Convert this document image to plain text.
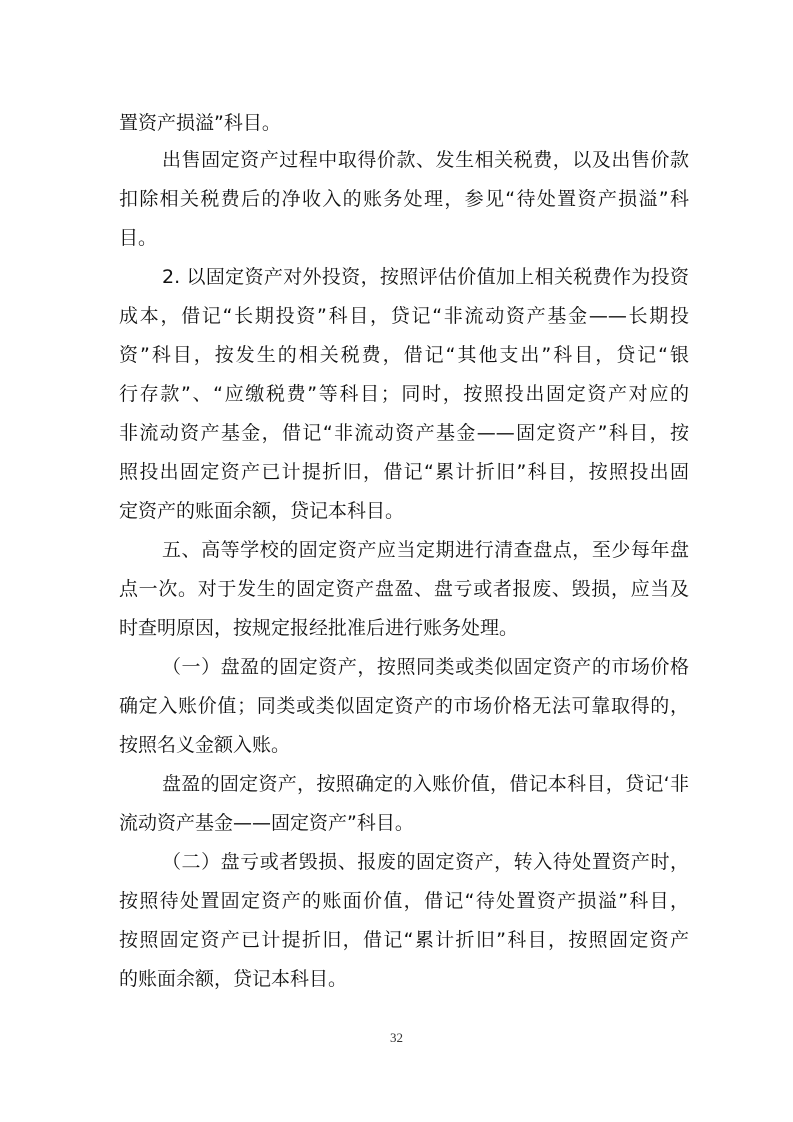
置资产损溢”科目。
出售固定资产过程中取得价款、发生相关税费，以及出售价款
扣除相关税费后的净收入的账务处理，参见“待处置资产损溢”科
目。
2. 以固定资产对外投资，按照评估价值加上相关税费作为投资
成本，借记“长期投资”科目，贷记“非流动资产基金——长期投
资”科目，按发生的相关税费，借记“其他支出”科目，贷记“银
行存款”、“应缴税费”等科目；同时，按照投出固定资产对应的
非流动资产基金，借记“非流动资产基金——固定资产”科目，按
照投出固定资产已计提折旧，借记“累计折旧”科目，按照投出固
定资产的账面余额，贷记本科目。
五、高等学校的固定资产应当定期进行清查盘点，至少每年盘
点一次。对于发生的固定资产盘盈、盘亏或者报废、毁损，应当及
时查明原因，按规定报经批准后进行账务处理。
（一）盘盈的固定资产，按照同类或类似固定资产的市场价格
确定入账价值；同类或类似固定资产的市场价格无法可靠取得的，
按照名义金额入账。
盘盈的固定资产，按照确定的入账价值，借记本科目，贷记‘非
流动资产基金——固定资产”科目。
（二）盘亏或者毁损、报废的固定资产，转入待处置资产时，
按照待处置固定资产的账面价值，借记“待处置资产损溢”科目，
按照固定资产已计提折旧，借记“累计折旧”科目，按照固定资产
的账面余额，贷记本科目。
32
